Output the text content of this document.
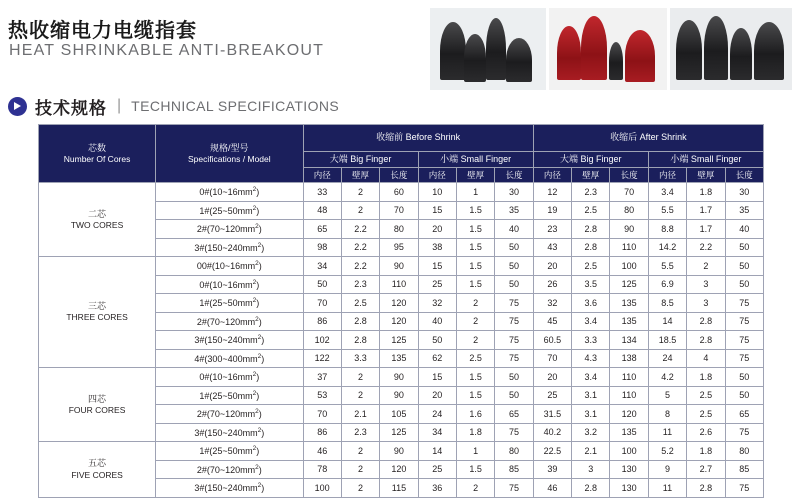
热收缩电力电缆指套
HEAT SHRINKABLE ANTI-BREAKOUT
技术规格 | TECHNICAL SPECIFICATIONS
芯数
Number Of Cores	规格/型号
Specifications / Model	收缩前 Before Shrink						收缩后 After Shrink					

		大端 Big Finger			小端 Small Finger			大端 Big Finger			小端 Small Finger		

		内径	壁厚	长度	内径	壁厚	长度	内径	壁厚	长度	内径	壁厚	长度

二芯
TWO CORES	$0\#(10\sim 16mm^2)$	33	2	60	10	1	30	12	2.3	70	3.4	1.8	30
	$1\#(25\sim 50mm^2)$	48	2	70	15	1.5	35	19	2.5	80	5.5	1.7	35
	$2\#(70\sim 120mm^2)$	65	2.2	80	20	1.5	40	23	2.8	90	8.8	1.7	40
	$3\#(150\sim 240mm^2)$	98	2.2	95	38	1.5	50	43	2.8	110	14.2	2.2	50

三芯
THREE CORES	$00\#(10\sim 16mm^2)$	34	2.2	90	15	1.5	50	20	2.5	100	5.5	2	50
	$0\#(10\sim 16mm^2)$	50	2.3	110	25	1.5	50	26	3.5	125	6.9	3	50
	$1\#(25\sim 50mm^2)$	70	2.5	120	32	2	75	32	3.6	135	8.5	3	75
	$2\#(70\sim 120mm^2)$	86	2.8	120	40	2	75	45	3.4	135	14	2.8	75
	$3\#(150\sim 240mm^2)$	102	2.8	125	50	2	75	60.5	3.3	134	18.5	2.8	75
	$4\#(300\sim 400mm^2)$	122	3.3	135	62	2.5	75	70	4.3	138	24	4	75

四芯
FOUR CORES	$0\#(10\sim 16mm^2)$	37	2	90	15	1.5	50	20	3.4	110	4.2	1.8	50
	$1\#(25\sim 50mm^2)$	53	2	90	20	1.5	50	25	3.1	110	5	2.5	50
	$2\#(70\sim 120mm^2)$	70	2.1	105	24	1.6	65	31.5	3.1	120	8	2.5	65
	$3\#(150\sim 240mm^2)$	86	2.3	125	34	1.8	75	40.2	3.2	135	11	2.6	75

五芯
FIVE CORES	$1\#(25\sim 50mm^2)$	46	2	90	14	1	80	22.5	2.1	100	5.2	1.8	80
	$2\#(70\sim 120mm^2)$	78	2	120	25	1.5	85	39	3	130	9	2.7	85
	$3\#(150\sim 240mm^2)$	100	2	115	36	2	75	46	2.8	130	11	2.8	75
